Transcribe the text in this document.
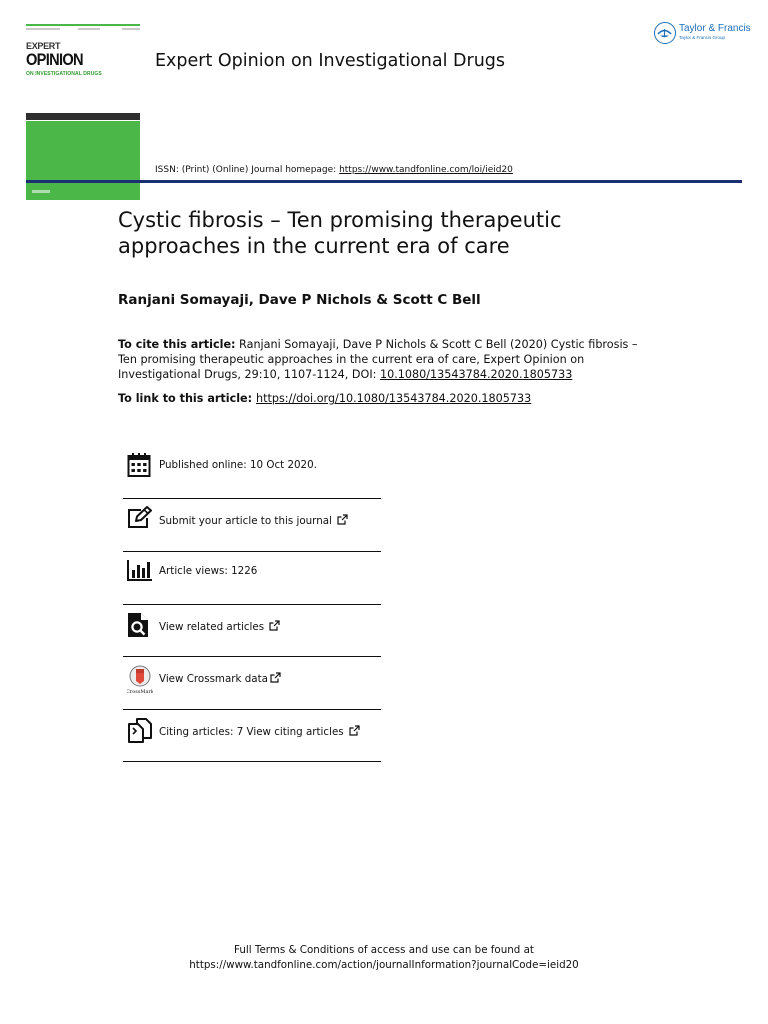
EXPERT
OPINION
ON INVESTIGATIONAL DRUGS
Expert Opinion on Investigational Drugs
Taylor & Francis
Taylor & Francis Group
ISSN: (Print) (Online) Journal homepage: https://www.tandfonline.com/loi/ieid20
Cystic fibrosis – Ten promising therapeutic approaches in the current era of care
Ranjani Somayaji, Dave P Nichols & Scott C Bell
To cite this article: Ranjani Somayaji, Dave P Nichols & Scott C Bell (2020) Cystic fibrosis – Ten promising therapeutic approaches in the current era of care, Expert Opinion on Investigational Drugs, 29:10, 1107-1124, DOI: 10.1080/13543784.2020.1805733
To link to this article: https://doi.org/10.1080/13543784.2020.1805733
Published online: 10 Oct 2020.
Submit your article to this journal
Article views: 1226
View related articles
CrossMark
View Crossmark data
Citing articles: 7 View citing articles
Full Terms & Conditions of access and use can be found at
https://www.tandfonline.com/action/journalInformation?journalCode=ieid20
